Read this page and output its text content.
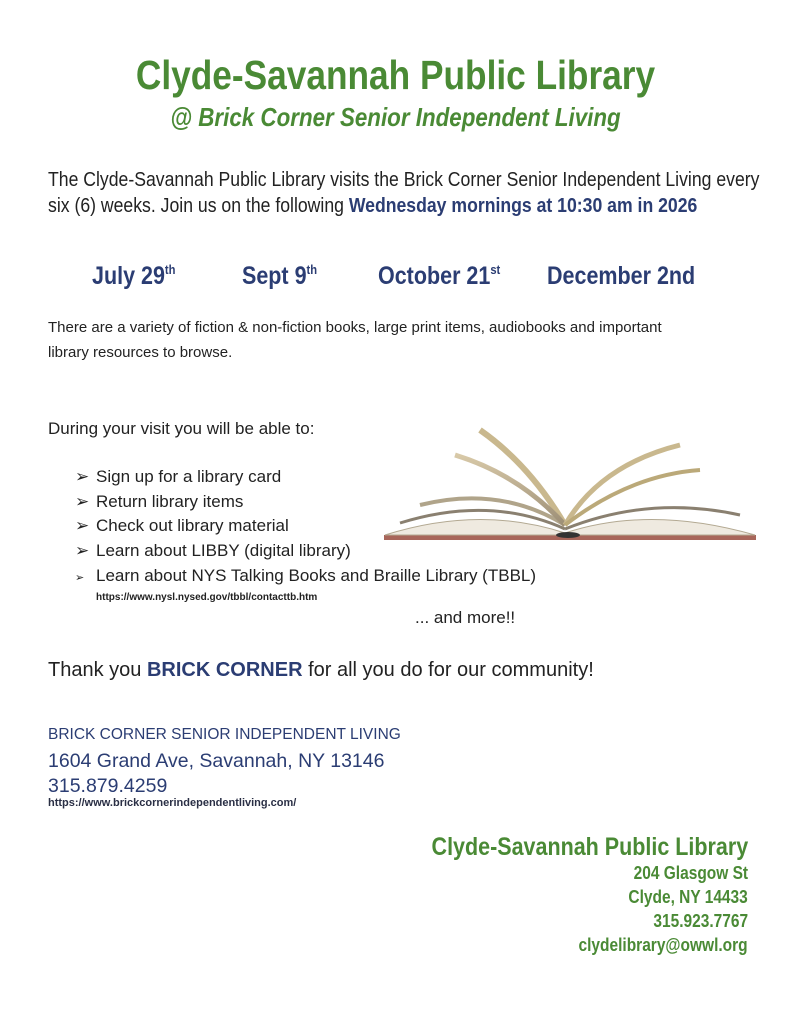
Clyde-Savannah Public Library
@ Brick Corner Senior Independent Living
The Clyde-Savannah Public Library visits the Brick Corner Senior Independent Living every
six (6) weeks. Join us on the following Wednesday mornings at 10:30 am in 2026
July 29th	Sept 9th October 21st December 2nd
There are a variety of fiction & non-fiction books, large print items, audiobooks and important
library resources to browse.
During your visit you will be able to:
➢ Sign up for a library card
➢ Return library items
➢ Check out library material
➢ Learn about LIBBY (digital library)
➢ Learn about NYS Talking Books and Braille Library (TBBL)
https://www.nysl.nysed.gov/tbbl/contacttb.htm
... and more!!
Thank you BRICK CORNER for all you do for our community!
BRICK CORNER SENIOR INDEPENDENT LIVING
1604 Grand Ave, Savannah, NY 13146
315.879.4259
https://www.brickcornerindependentliving.com/
Clyde-Savannah Public Library
204 Glasgow St
Clyde, NY 14433
315.923.7767
clydelibrary@owwl.org
